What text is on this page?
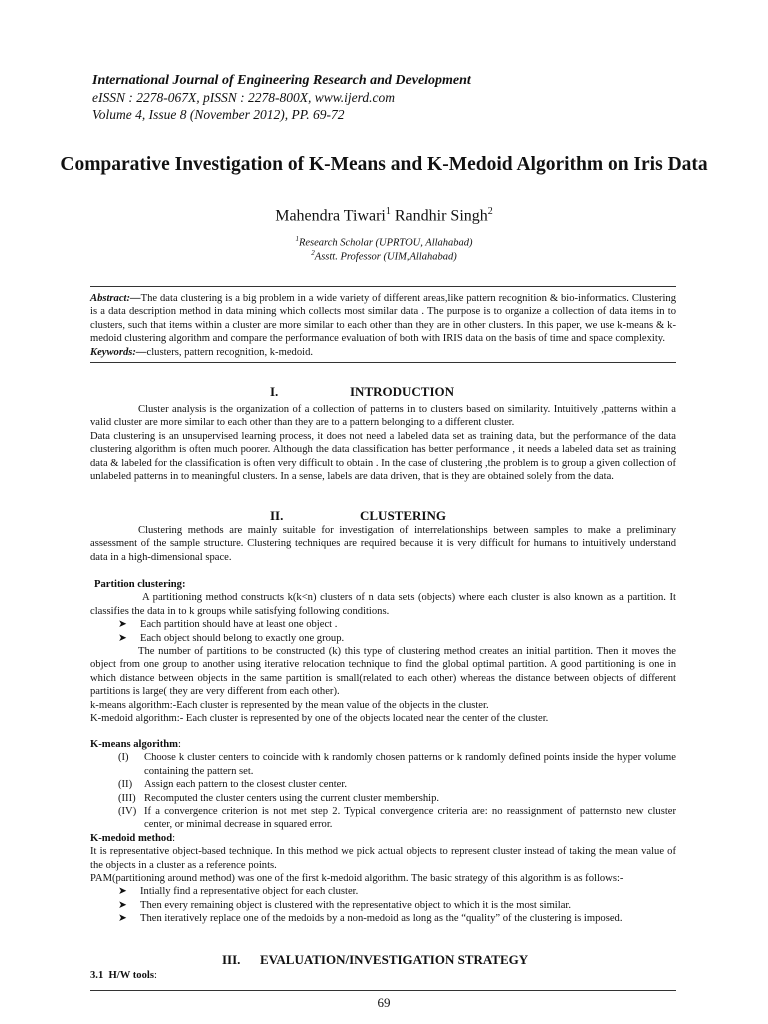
International Journal of Engineering Research and Development
eISSN : 2278-067X, pISSN : 2278-800X, www.ijerd.com
Volume 4, Issue 8 (November 2012), PP. 69-72
Comparative Investigation of K-Means and K-Medoid Algorithm on Iris Data
Mahendra Tiwari$^1$ Randhir Singh$^2$
$^1$Research Scholar (UPRTOU, Allahabad)
$^2$Asstt. Professor (UIM,Allahabad)

Abstract:—The data clustering is a big problem in a wide variety of different areas,like pattern recognition & bio-informatics. Clustering is a data description method in data mining which collects most similar data . The purpose is to organize a collection of data items in to clusters, such that items within a cluster are more similar to each other than they are in other clusters. In this paper, we use k-means & k-medoid clustering algorithm and compare the performance evaluation of both with IRIS data on the basis of time and space complexity.

Keywords:—clusters, pattern recognition, k-medoid.

I.	INTRODUCTION

Cluster analysis is the organization of a collection of patterns in to clusters based on similarity. Intuitively ,patterns within a valid cluster are more similar to each other than they are to a pattern belonging to a different cluster.

Data clustering is an unsupervised learning process, it does not need a labeled data set as training data, but the performance of the data clustering algorithm is often much poorer. Although the data classification has better performance , it needs a labeled data set as training data & labeled for the classification is often very difficult to obtain . In the case of clustering ,the problem is to group a given collection of unlabeled patterns in to meaningful clusters. In a sense, labels are data driven, that is they are obtained solely from the data.

II.	CLUSTERING

Clustering methods are mainly suitable for investigation of interrelationships between samples to make a preliminary assessment of the sample structure. Clustering techniques are required because it is very difficult for humans to intuitively understand data in a high-dimensional space.

Partition clustering:

A partitioning method constructs k(k<n) clusters of n data sets (objects) where each cluster is also known as a partition. It classifies the data in to k groups while satisfying following conditions.

➤ Each partition should have at least one object .

➤ Each object should belong to exactly one group.

The number of partitions to be constructed (k) this type of clustering method creates an initial partition. Then it moves the object from one group to another using iterative relocation technique to find the global optimal partition. A good partitioning is one in which distance between objects in the same partition is small(related to each other) whereas the distance between objects of different partitions is large( they are very different from each other).

k-means algorithm:-Each cluster is represented by the mean value of the objects in the cluster.

K-medoid algorithm:- Each cluster is represented by one of the objects located near the center of the cluster.

K-means algorithm:

(I) Choose k cluster centers to coincide with k randomly chosen patterns or k randomly defined points inside the hyper volume containing the pattern set.

(II) Assign each pattern to the closest cluster center.

(III) Recomputed the cluster centers using the current cluster membership.

(IV) If a convergence criterion is not met step 2. Typical convergence criteria are: no reassignment of patternsto new cluster center, or minimal decrease in squared error.

K-medoid method:

It is representative object-based technique. In this method we pick actual objects to represent cluster instead of taking the mean value of the objects in a cluster as a reference points.

PAM(partitioning around method) was one of the first k-medoid algorithm. The basic strategy of this algorithm is as follows:-

➤ Intially find a representative object for each cluster.

➤ Then every remaining object is clustered with the representative object to which it is the most similar.

➤ Then iteratively replace one of the medoids by a non-medoid as long as the “quality” of the clustering is imposed.

III. EVALUATION/INVESTIGATION STRATEGY

3.1 H/W tools:

69
